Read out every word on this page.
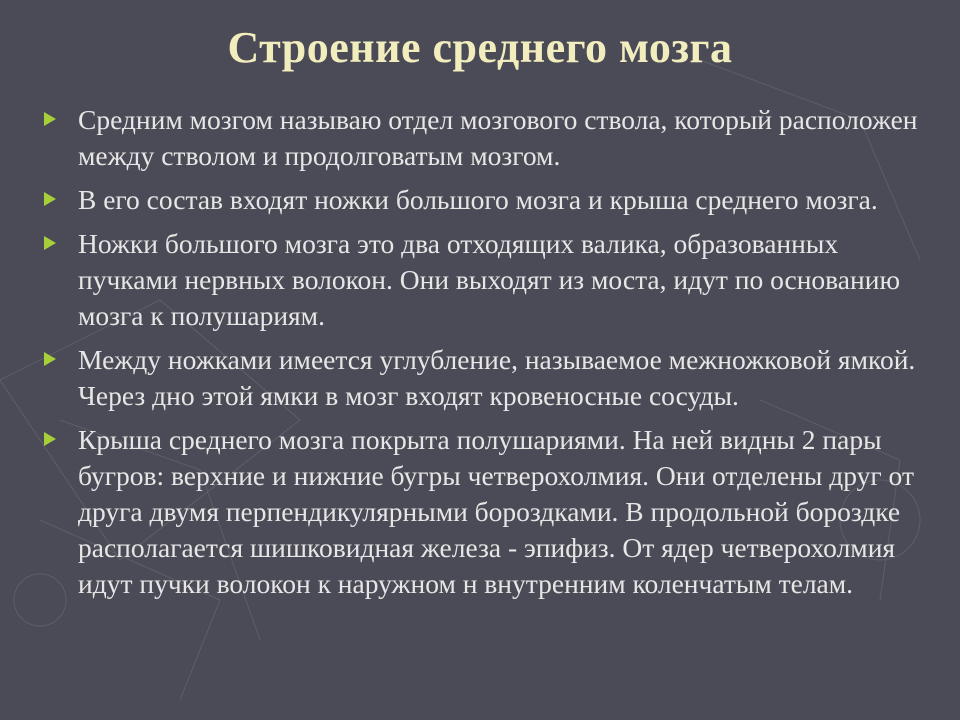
Строение среднего мозга
Средним мозгом называю отдел мозгового ствола, который расположен между стволом и продолговатым мозгом.
В его состав входят ножки большого мозга и крыша среднего мозга.
Ножки большого мозга это два отходящих валика, образованных пучками нервных волокон. Они выходят из моста, идут по основанию мозга к полушариям.
Между ножками имеется углубление, называемое межножковой ямкой. Через дно этой ямки в мозг входят кровеносные сосуды.
Крыша среднего мозга покрыта полушариями. На ней видны 2 пары бугров: верхние и нижние бугры четверохолмия. Они отделены друг от друга двумя перпендикулярными бороздками. В продольной бороздке располагается шишковидная железа - эпифиз. От ядер четверохолмия идут пучки волокон к наружном н внутренним коленчатым телам.
